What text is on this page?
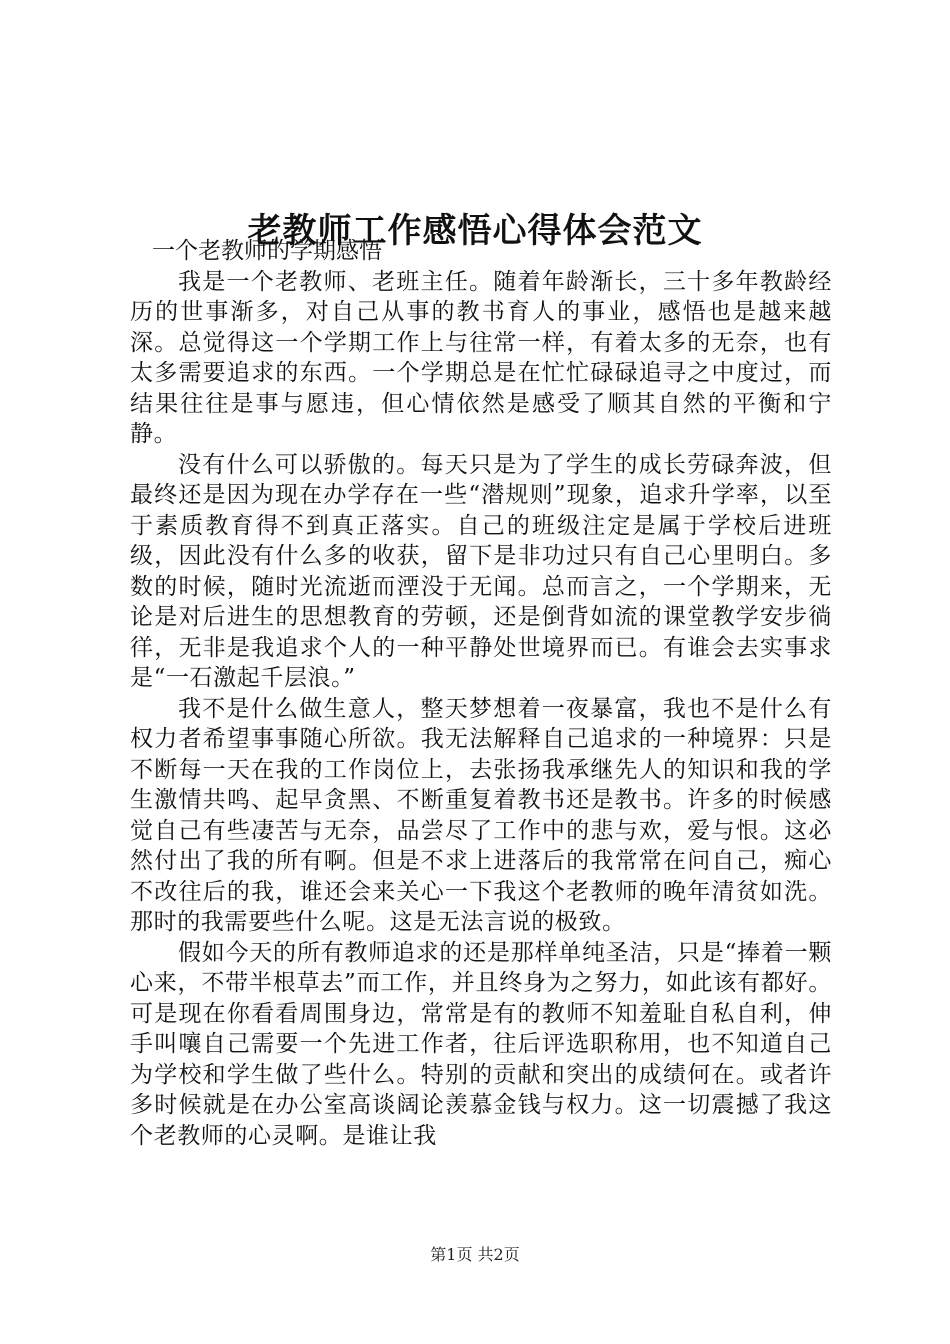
老教师工作感悟心得体会范文

一个老教师的学期感悟

我是一个老教师、老班主任。随着年龄渐长，三十多年教龄经历的世事渐多，对自己从事的教书育人的事业，感悟也是越来越深。总觉得这一个学期工作上与往常一样，有着太多的无奈，也有太多需要追求的东西。一个学期总是在忙忙碌碌追寻之中度过，而结果往往是事与愿违，但心情依然是感受了顺其自然的平衡和宁静。

没有什么可以骄傲的。每天只是为了学生的成长劳碌奔波，但最终还是因为现在办学存在一些“潜规则”现象，追求升学率，以至于素质教育得不到真正落实。自己的班级注定是属于学校后进班级，因此没有什么多的收获，留下是非功过只有自己心里明白。多数的时候，随时光流逝而湮没于无闻。总而言之，一个学期来，无论是对后进生的思想教育的劳顿，还是倒背如流的课堂教学安步徜徉，无非是我追求个人的一种平静处世境界而已。有谁会去实事求是“一石激起千层浪。”

我不是什么做生意人，整天梦想着一夜暴富，我也不是什么有权力者希望事事随心所欲。我无法解释自己追求的一种境界：只是不断每一天在我的工作岗位上，去张扬我承继先人的知识和我的学生激情共鸣、起早贪黑、不断重复着教书还是教书。许多的时候感觉自己有些凄苦与无奈，品尝尽了工作中的悲与欢，爱与恨。这必然付出了我的所有啊。但是不求上进落后的我常常在问自己，痴心不改往后的我，谁还会来关心一下我这个老教师的晚年清贫如洗。那时的我需要些什么呢。这是无法言说的极致。

假如今天的所有教师追求的还是那样单纯圣洁，只是“捧着一颗心来，不带半根草去”而工作，并且终身为之努力，如此该有都好。可是现在你看看周围身边，常常是有的教师不知羞耻自私自利，伸手叫嚷自己需要一个先进工作者，往后评选职称用，也不知道自己为学校和学生做了些什么。特别的贡献和突出的成绩何在。或者许多时候就是在办公室高谈阔论羡慕金钱与权力。这一切震撼了我这个老教师的心灵啊。是谁让我

第1页 共2页
